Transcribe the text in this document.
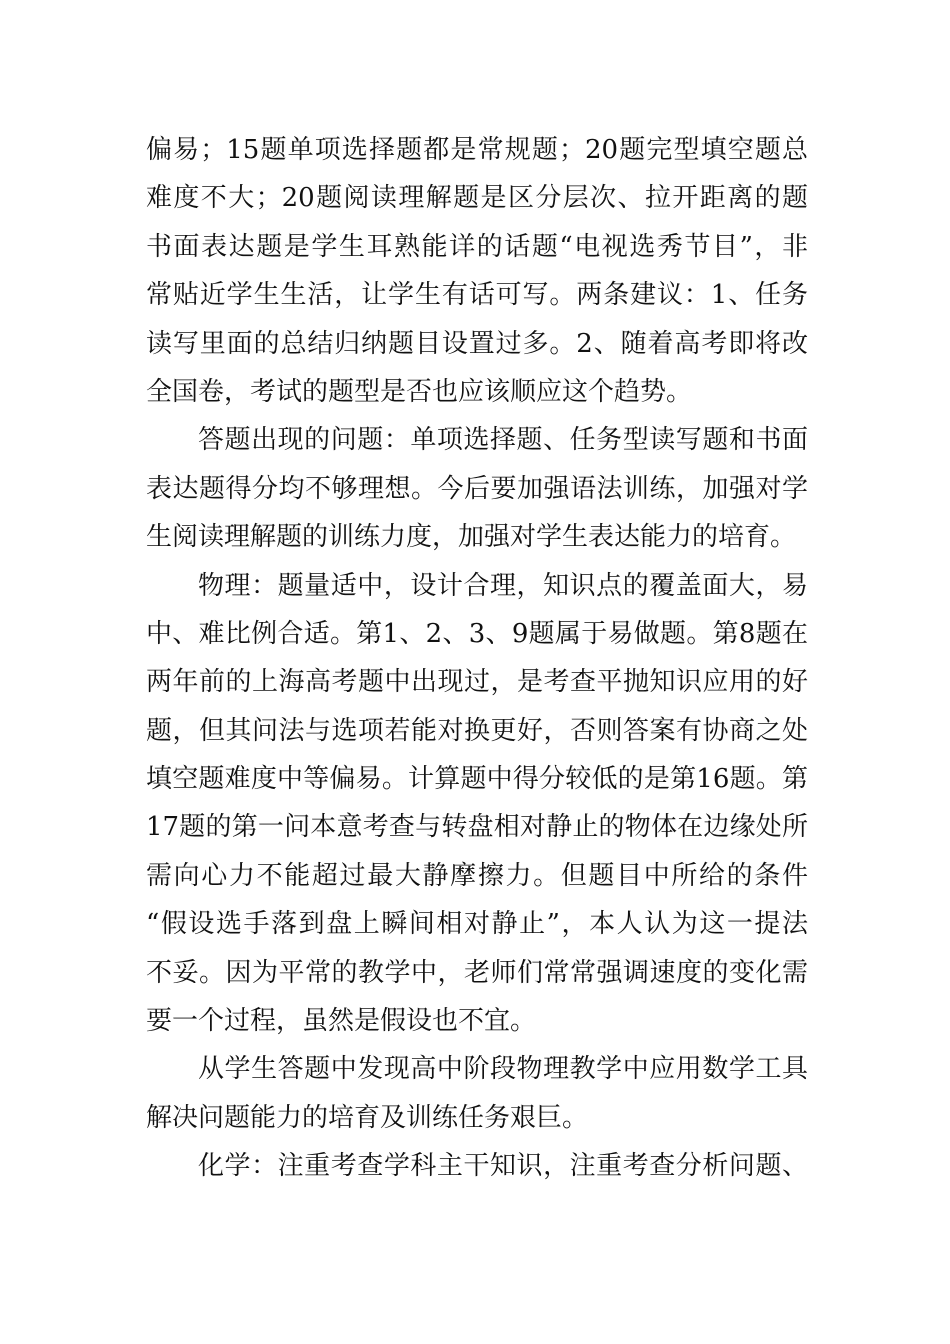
偏易；15题单项选择题都是常规题；20题完型填空题总
难度不大；20题阅读理解题是区分层次、拉开距离的题
书面表达题是学生耳熟能详的话题“电视选秀节目”，非
常贴近学生生活，让学生有话可写。两条建议：1、任务
读写里面的总结归纳题目设置过多。2、随着高考即将改
全国卷，考试的题型是否也应该顺应这个趋势。
答题出现的问题：单项选择题、任务型读写题和书面
表达题得分均不够理想。今后要加强语法训练，加强对学
生阅读理解题的训练力度，加强对学生表达能力的培育。
物理：题量适中，设计合理，知识点的覆盖面大，易
中、难比例合适。第1、2、3、9题属于易做题。第8题在
两年前的上海高考题中出现过，是考查平抛知识应用的好
题，但其问法与选项若能对换更好，否则答案有协商之处
填空题难度中等偏易。计算题中得分较低的是第16题。第
17题的第一问本意考查与转盘相对静止的物体在边缘处所
需向心力不能超过最大静摩擦力。但题目中所给的条件
“假设选手落到盘上瞬间相对静止”，本人认为这一提法
不妥。因为平常的教学中，老师们常常强调速度的变化需
要一个过程，虽然是假设也不宜。
从学生答题中发现高中阶段物理教学中应用数学工具
解决问题能力的培育及训练任务艰巨。
化学：注重考查学科主干知识，注重考查分析问题、
